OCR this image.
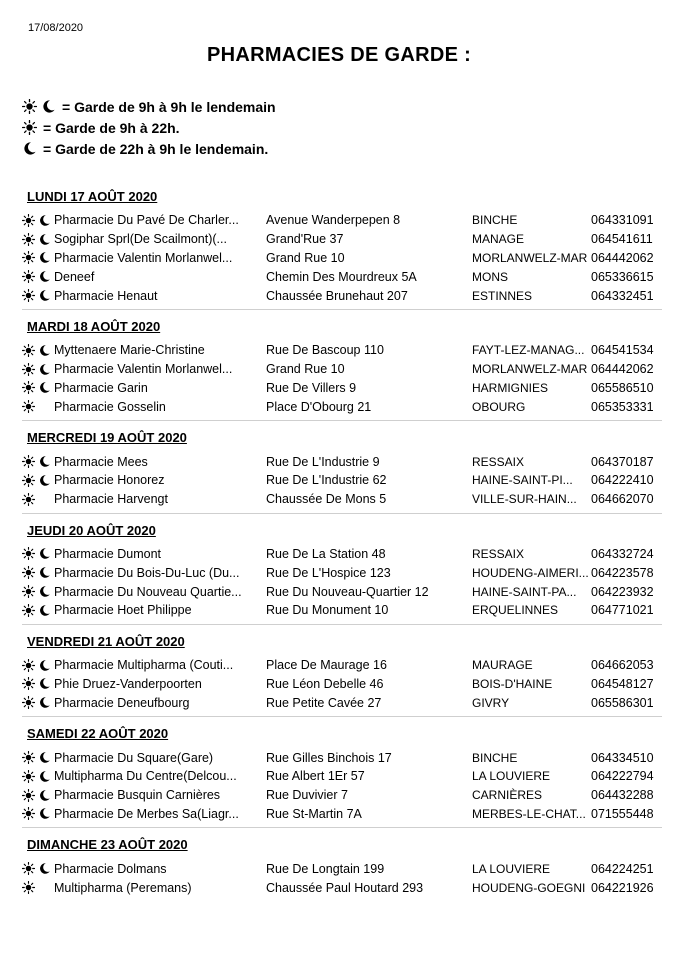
17/08/2020
PHARMACIES DE GARDE :
= Garde de 9h à 9h le lendemain
= Garde de 9h à 22h.
= Garde de 22h à 9h le lendemain.
LUNDI 17 AOÛT 2020
Pharmacie Du Pavé De Charler...	Avenue Wanderpepen 8	BINCHE	064331091
Sogiphar Sprl(De Scailmont)(...	Grand'Rue 37	MANAGE	064541611
Pharmacie Valentin Morlanwel...	Grand Rue 10	MORLANWELZ-MAR 064442062
Deneef	Chemin Des Mourdreux 5A	MONS	065336615
Pharmacie Henaut	Chaussée Brunehaut 207	ESTINNES	064332451
MARDI 18 AOÛT 2020
Myttenaere Marie-Christine	Rue De Bascoup 110	FAYT-LEZ-MANAG... 064541534
Pharmacie Valentin Morlanwel...	Grand Rue 10	MORLANWELZ-MAR 064442062
Pharmacie Garin	Rue De Villers 9	HARMIGNIES	065586510
Pharmacie Gosselin	Place D'Obourg 21	OBOURG	065353331
MERCREDI 19 AOÛT 2020
Pharmacie Mees	Rue De L'Industrie 9	RESSAIX	064370187
Pharmacie Honorez	Rue De L'Industrie 62	HAINE-SAINT-PI...	064222410
Pharmacie Harvengt	Chaussée De Mons 5	VILLE-SUR-HAIN...	064662070
JEUDI 20 AOÛT 2020
Pharmacie Dumont	Rue De La Station 48	RESSAIX	064332724
Pharmacie Du Bois-Du-Luc (Du...	Rue De L'Hospice 123	HOUDENG-AIMERI... 064223578
Pharmacie Du Nouveau Quartie...	Rue Du Nouveau-Quartier 12	HAINE-SAINT-PA...	064223932
Pharmacie Hoet Philippe	Rue Du Monument 10	ERQUELINNES	064771021
VENDREDI 21 AOÛT 2020
Pharmacie Multipharma (Couti...	Place De Maurage 16	MAURAGE	064662053
Phie Druez-Vanderpoorten	Rue Léon Debelle 46	BOIS-D'HAINE	064548127
Pharmacie Deneufbourg	Rue Petite Cavée 27	GIVRY	065586301
SAMEDI 22 AOÛT 2020
Pharmacie Du Square(Gare)	Rue Gilles Binchois 17	BINCHE	064334510
Multipharma Du Centre(Delcou...	Rue Albert 1Er 57	LA LOUVIERE	064222794
Pharmacie Busquin Carnières	Rue Duvivier 7	CARNIÈRES	064432288
Pharmacie De Merbes Sa(Liagr...	Rue St-Martin 7A	MERBES-LE-CHAT... 071555448
DIMANCHE 23 AOÛT 2020
Pharmacie Dolmans	Rue De Longtain 199	LA LOUVIERE	064224251
Multipharma (Peremans)	Chaussée Paul Houtard 293	HOUDENG-GOEGNI 064221926
